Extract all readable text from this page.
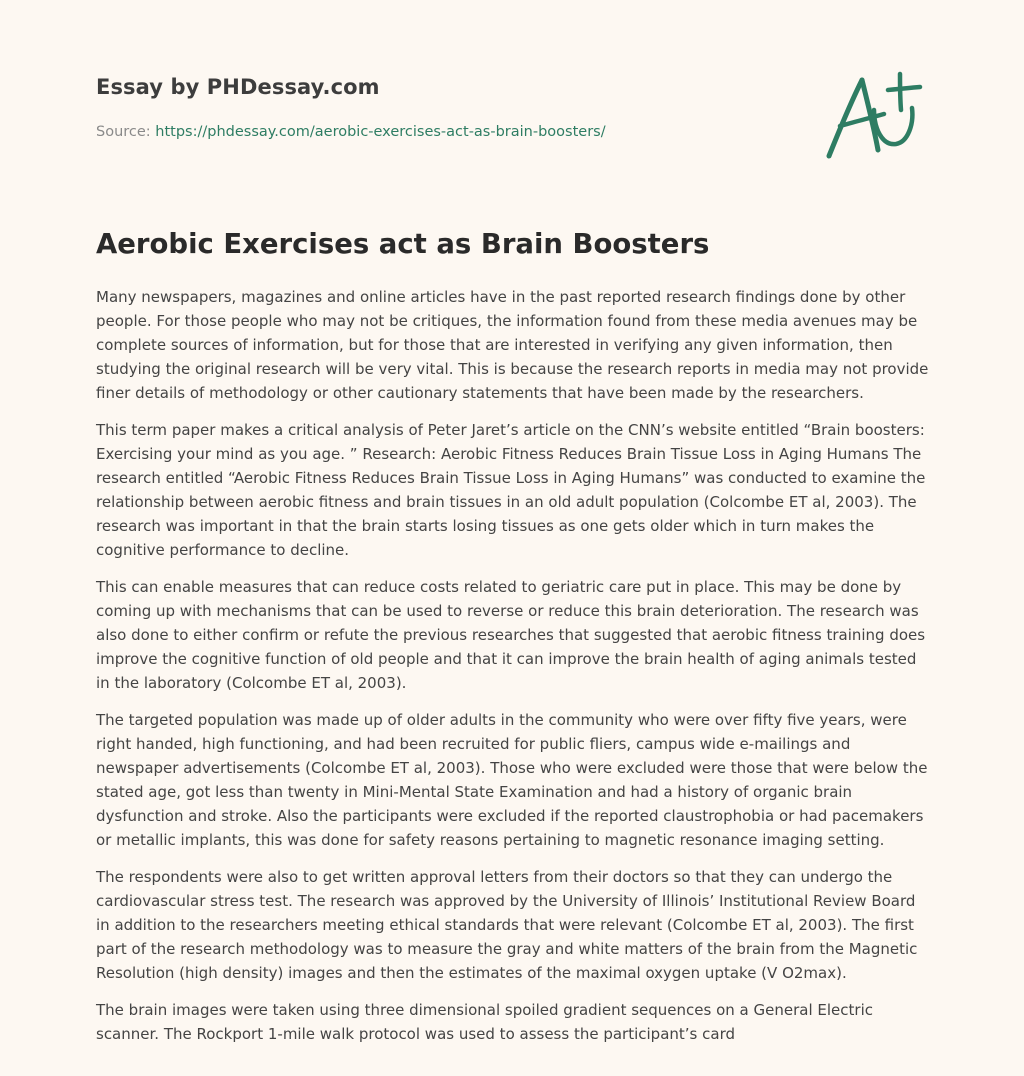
Essay by PHDessay.com
Source: https://phdessay.com/aerobic-exercises-act-as-brain-boosters/
Aerobic Exercises act as Brain Boosters

Many newspapers, magazines and online articles have in the past reported research findings done by other people. For those people who may not be critiques, the information found from these media avenues may be complete sources of information, but for those that are interested in verifying any given information, then studying the original research will be very vital. This is because the research reports in media may not provide finer details of methodology or other cautionary statements that have been made by the researchers.

This term paper makes a critical analysis of Peter Jaret’s article on the CNN’s website entitled “Brain boosters: Exercising your mind as you age. ” Research: Aerobic Fitness Reduces Brain Tissue Loss in Aging Humans The research entitled “Aerobic Fitness Reduces Brain Tissue Loss in Aging Humans” was conducted to examine the relationship between aerobic fitness and brain tissues in an old adult population (Colcombe ET al, 2003). The research was important in that the brain starts losing tissues as one gets older which in turn makes the cognitive performance to decline.

This can enable measures that can reduce costs related to geriatric care put in place. This may be done by coming up with mechanisms that can be used to reverse or reduce this brain deterioration. The research was also done to either confirm or refute the previous researches that suggested that aerobic fitness training does improve the cognitive function of old people and that it can improve the brain health of aging animals tested in the laboratory (Colcombe ET al, 2003).

The targeted population was made up of older adults in the community who were over fifty five years, were right handed, high functioning, and had been recruited for public fliers, campus wide e-mailings and newspaper advertisements (Colcombe ET al, 2003). Those who were excluded were those that were below the stated age, got less than twenty in Mini-Mental State Examination and had a history of organic brain dysfunction and stroke. Also the participants were excluded if the reported claustrophobia or had pacemakers or metallic implants, this was done for safety reasons pertaining to magnetic resonance imaging setting.

The respondents were also to get written approval letters from their doctors so that they can undergo the cardiovascular stress test. The research was approved by the University of Illinois’ Institutional Review Board in addition to the researchers meeting ethical standards that were relevant (Colcombe ET al, 2003). The first part of the research methodology was to measure the gray and white matters of the brain from the Magnetic Resolution (high density) images and then the estimates of the maximal oxygen uptake (V O2max).

The brain images were taken using three dimensional spoiled gradient sequences on a General Electric scanner. The Rockport 1-mile walk protocol was used to assess the participant’s card
